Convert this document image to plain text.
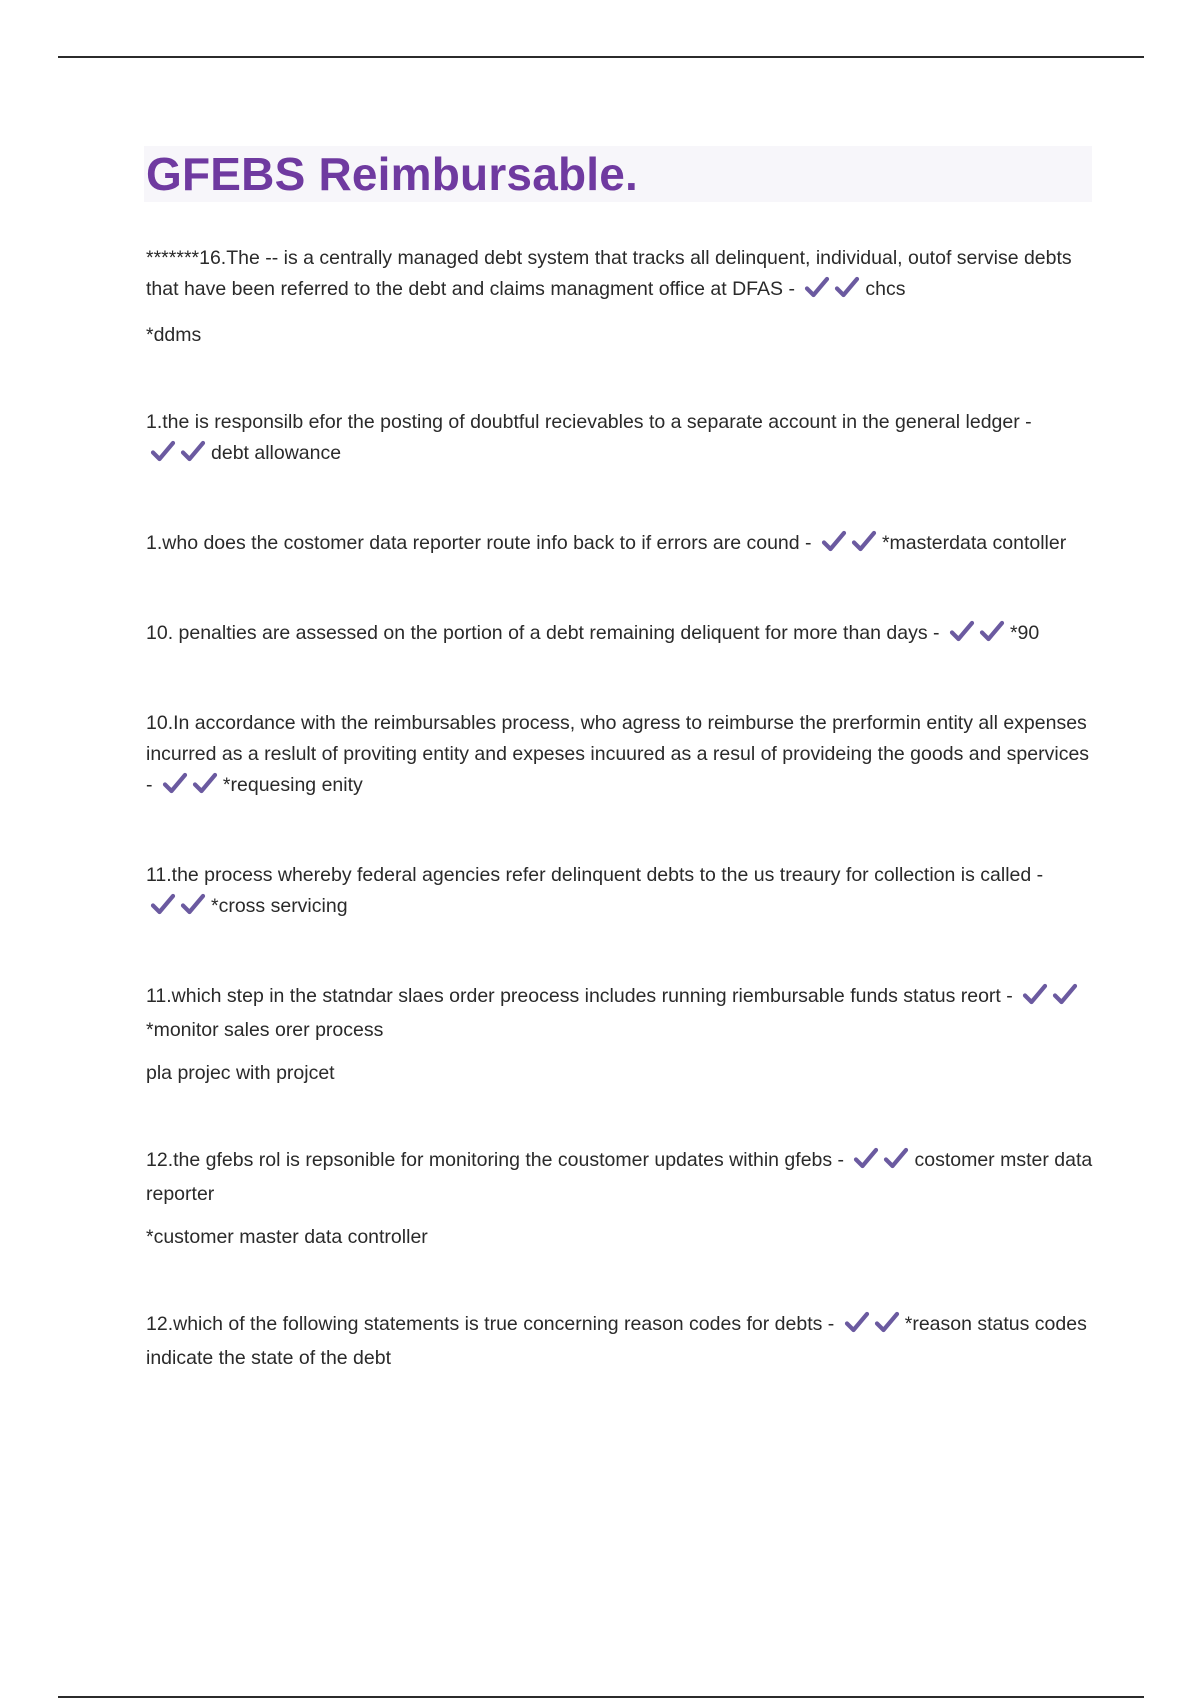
GFEBS Reimbursable.

*******16.The -- is a centrally managed debt system that tracks all delinquent, individual, outof servise debts that have been referred to the debt and claims managment office at DFAS -	chcs

*ddms

1.the is responsilb efor the posting of doubtful recievables to a separate account in the general ledger -
debt allowance

1.who does the costomer data reporter route info back to if errors are cound -	*masterdata contoller

10. penalties are assessed on the portion of a debt remaining deliquent for more than days -	*90

10.In accordance with the reimbursables process, who agress to reimburse the prerformin entity all expenses incurred as a reslult of proviting entity and expeses incuured as a resul of provideing the goods and spervices -	*requesing enity

11.the process whereby federal agencies refer delinquent debts to the us treaury for collection is called -
*cross servicing

11.which step in the statndar slaes order preocess includes running riembursable funds status reort -
*monitor sales orer process

pla projec with projcet

12.the gfebs rol is repsonible for monitoring the coustomer updates within gfebs -	costomer mster data reporter

*customer master data controller

12.which of the following statements is true concerning reason codes for debts -	*reason status codes indicate the state of the debt
